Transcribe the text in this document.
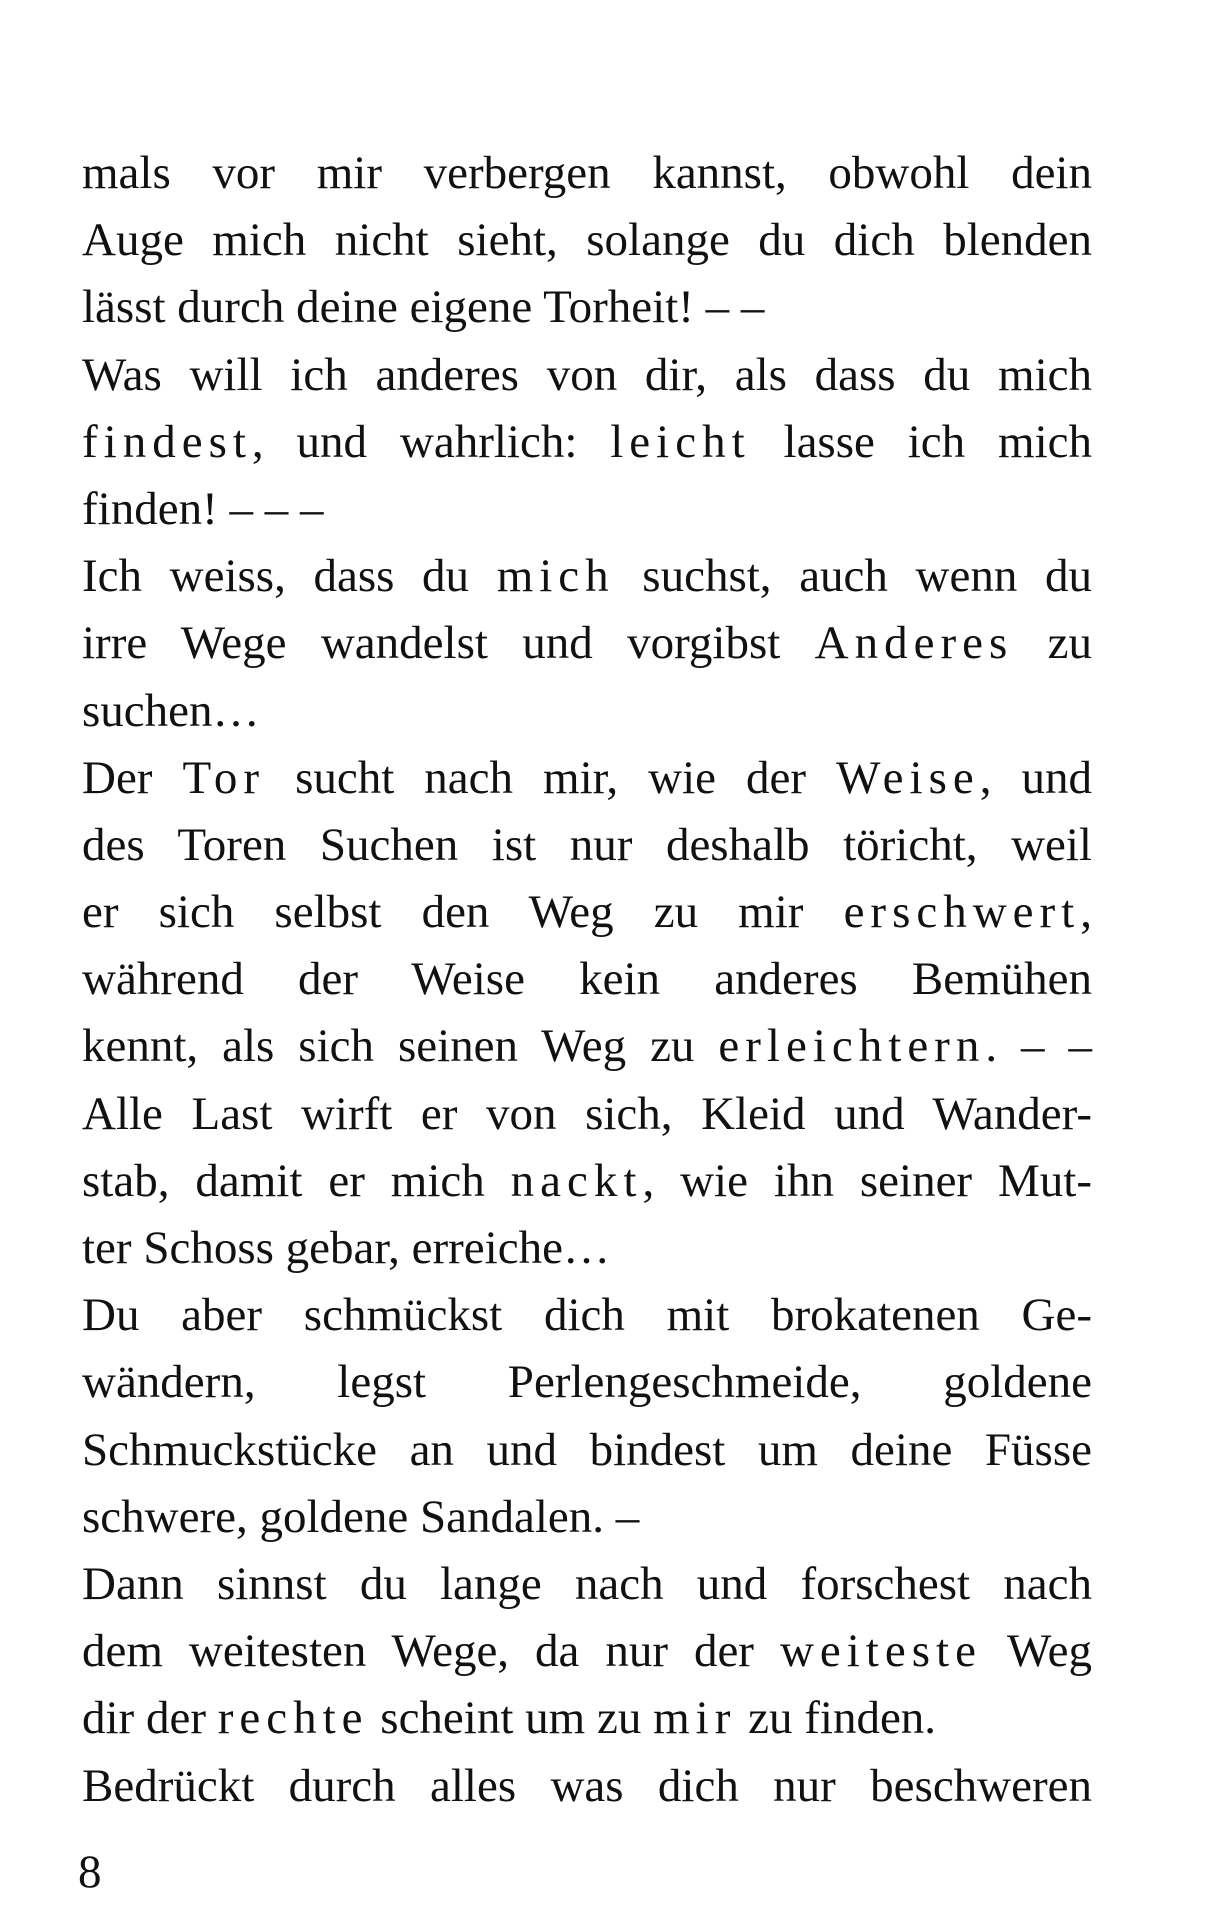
mals vor mir verbergen kannst, obwohl dein
Auge mich nicht sieht, solange du dich blenden
lässt durch deine eigene Torheit! – –
Was will ich anderes von dir, als dass du mich
findest, und wahrlich: leicht lasse ich mich
finden! – – –
Ich weiss, dass du mich suchst, auch wenn du
irre Wege wandelst und vorgibst Anderes zu
suchen…
Der Tor sucht nach mir, wie der Weise, und
des Toren Suchen ist nur deshalb töricht, weil
er sich selbst den Weg zu mir erschwert,
während der Weise kein anderes Bemühen
kennt, als sich seinen Weg zu erleichtern. – –
Alle Last wirft er von sich, Kleid und Wander-
stab, damit er mich nackt, wie ihn seiner Mut-
ter Schoss gebar, erreiche…
Du aber schmückst dich mit brokatenen Ge-
wändern, legst Perlengeschmeide, goldene
Schmuckstücke an und bindest um deine Füsse
schwere, goldene Sandalen. –
Dann sinnst du lange nach und forschest nach
dem weitesten Wege, da nur der weiteste Weg
dir der rechte scheint um zu mir zu finden.
Bedrückt durch alles was dich nur beschweren
8
